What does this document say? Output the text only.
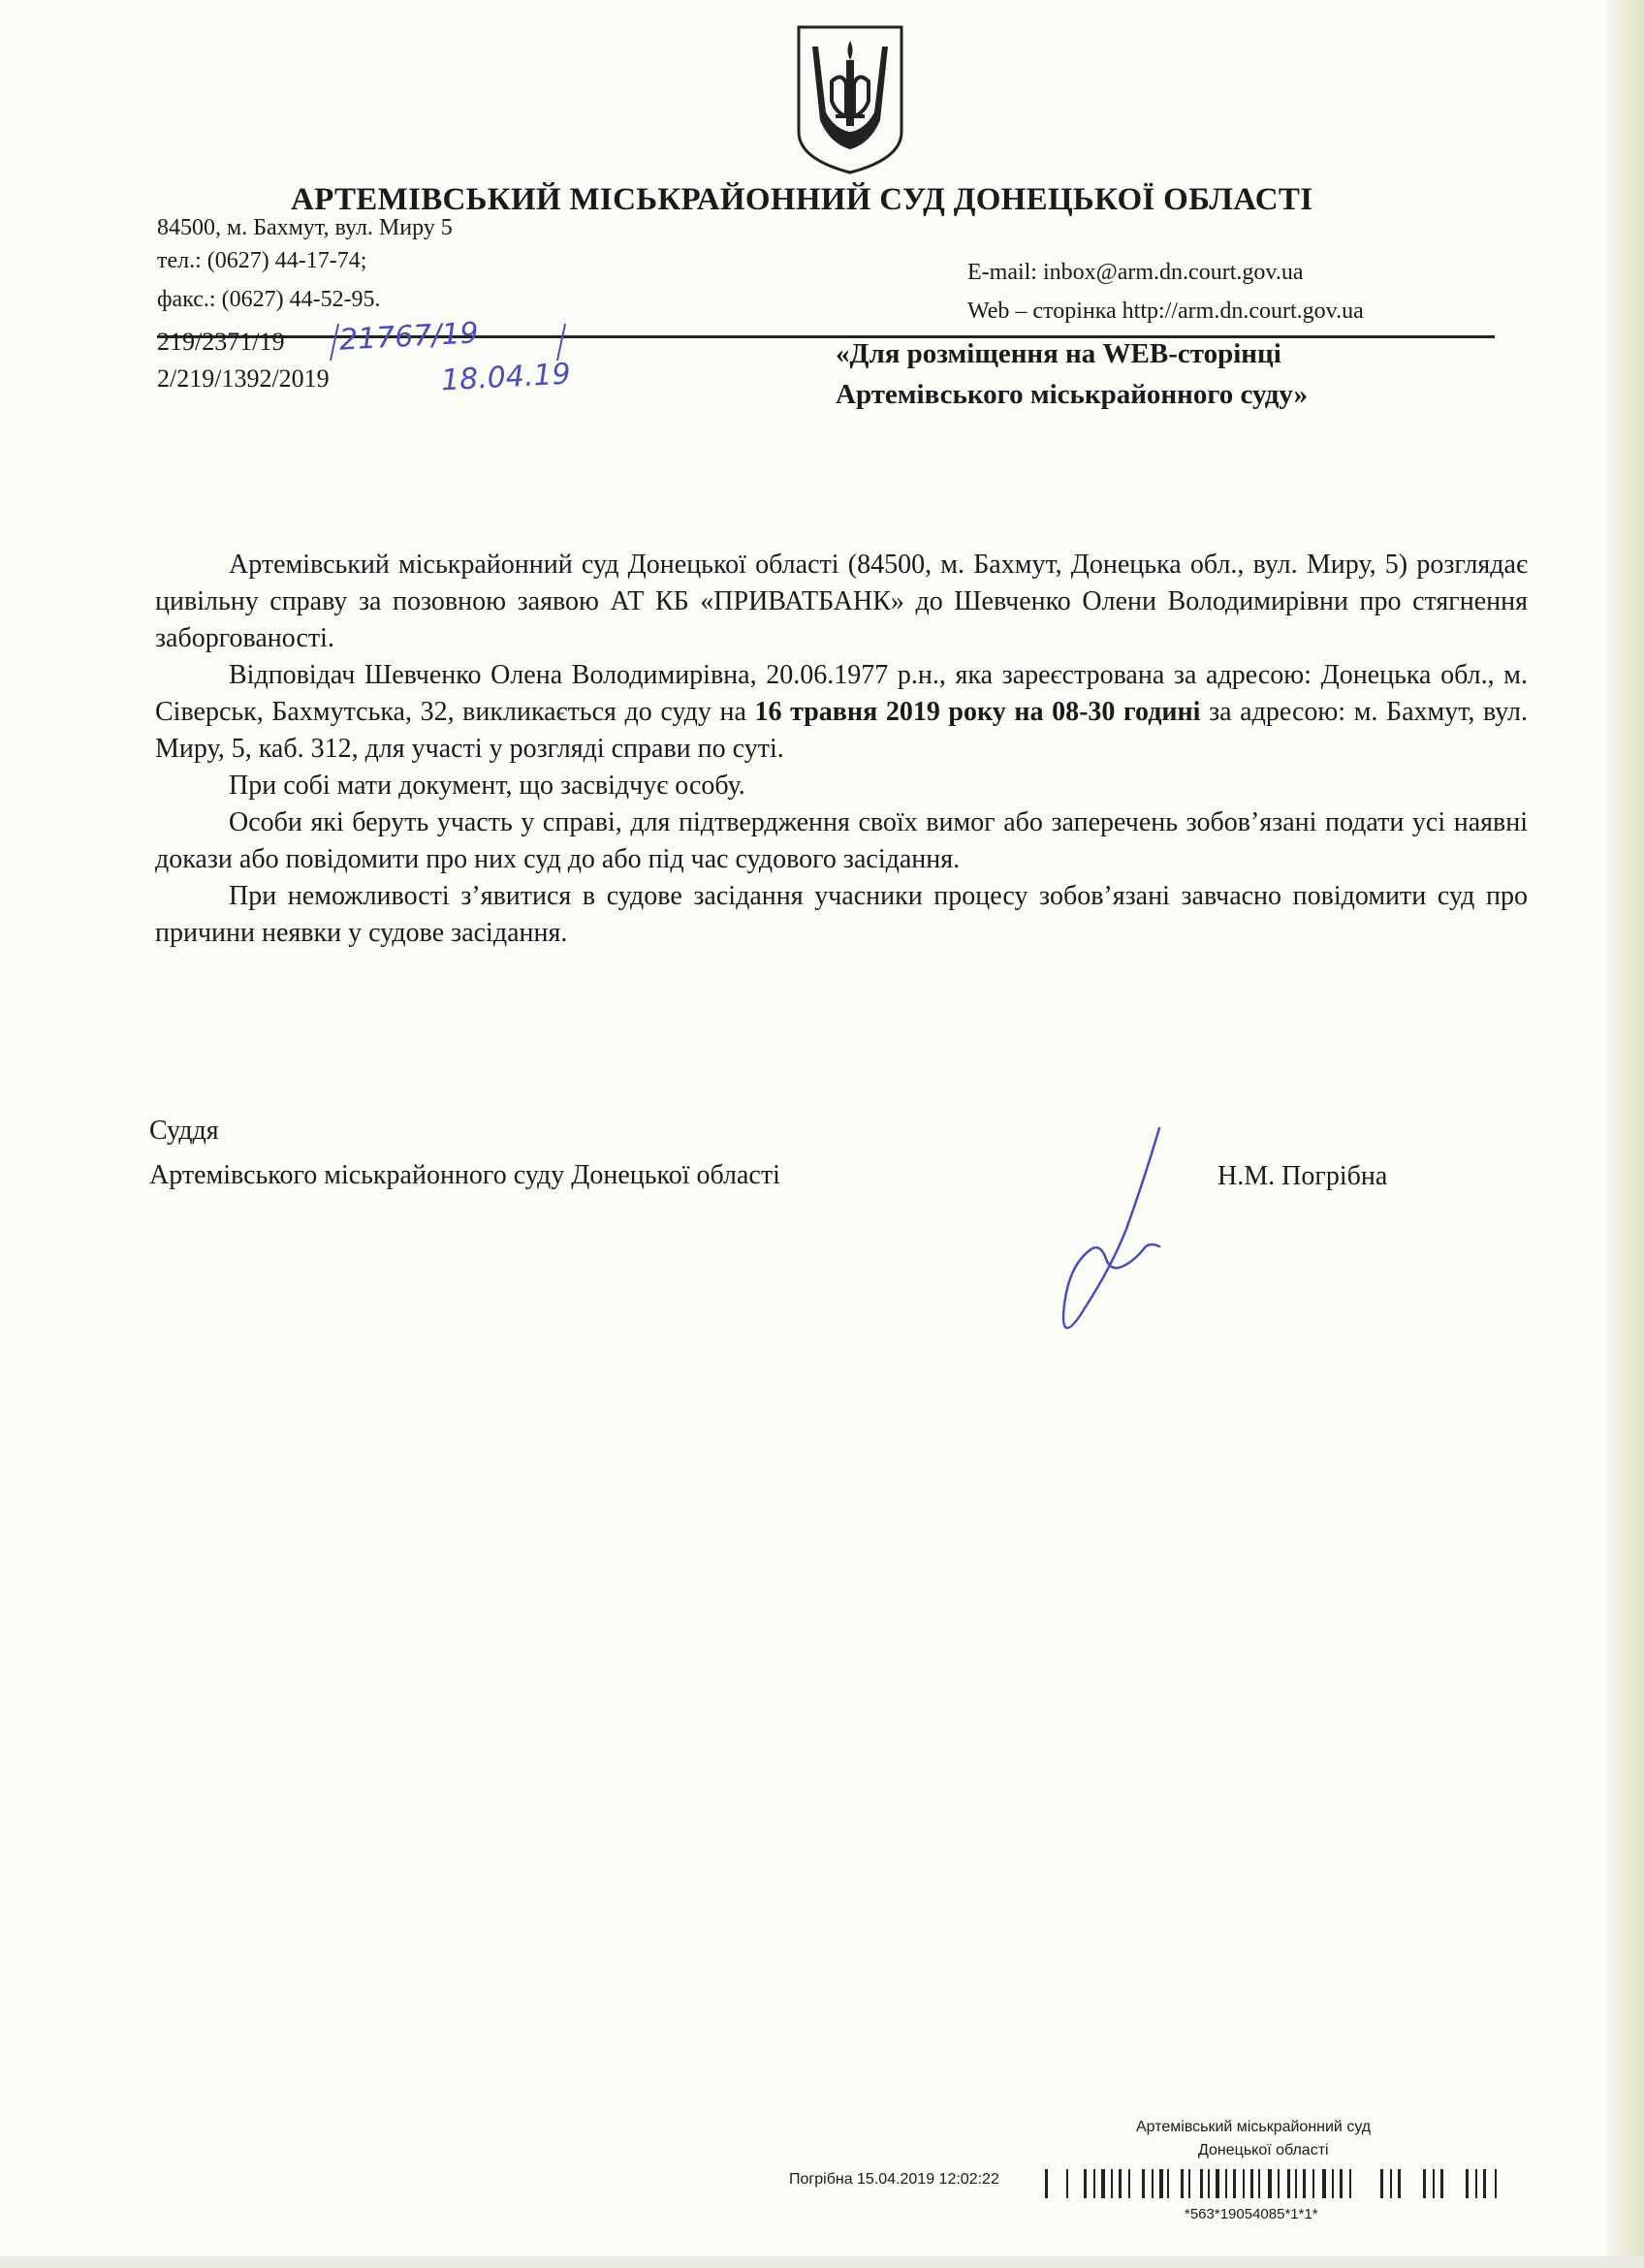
АРТЕМІВСЬКИЙ МІСЬКРАЙОННИЙ СУД ДОНЕЦЬКОЇ ОБЛАСТІ
84500, м. Бахмут, вул. Миру 5
тел.: (0627) 44-17-74;
факс.: (0627) 44-52-95.
E-mail: inbox@arm.dn.court.gov.ua
Web – сторінка http://arm.dn.court.gov.ua
219/2371/19
2/219/1392/2019
21767/19
18.04.19
«Для розміщення на WEB-сторінці
Артемівського міськрайонного суду»

Артемівський міськрайонний суд Донецької області (84500, м. Бахмут, Донецька обл., вул. Миру, 5) розглядає цивільну справу за позовною заявою АТ КБ «ПРИВАТБАНК» до Шевченко Олени Володимирівни про стягнення заборгованості.

Відповідач Шевченко Олена Володимирівна, 20.06.1977 р.н., яка зареєстрована за адресою: Донецька обл., м. Сіверськ, Бахмутська, 32, викликається до суду на 16 травня 2019 року на 08-30 годині за адресою: м. Бахмут, вул. Миру, 5, каб. 312, для участі у розгляді справи по суті.

При собі мати документ, що засвідчує особу.

Особи які беруть участь у справі, для підтвердження своїх вимог або заперечень зобов’язані подати усі наявні докази або повідомити про них суд до або під час судового засідання.

При неможливості з’явитися в судове засідання учасники процесу зобов’язані завчасно повідомити суд про причини неявки у судове засідання.

Суддя
Артемівського міськрайонного суду Донецької області	Н.М. Погрібна
Артемівський міськрайонний суд
Донецької області
Погрібна 15.04.2019 12:02:22
*563*19054085*1*1*
